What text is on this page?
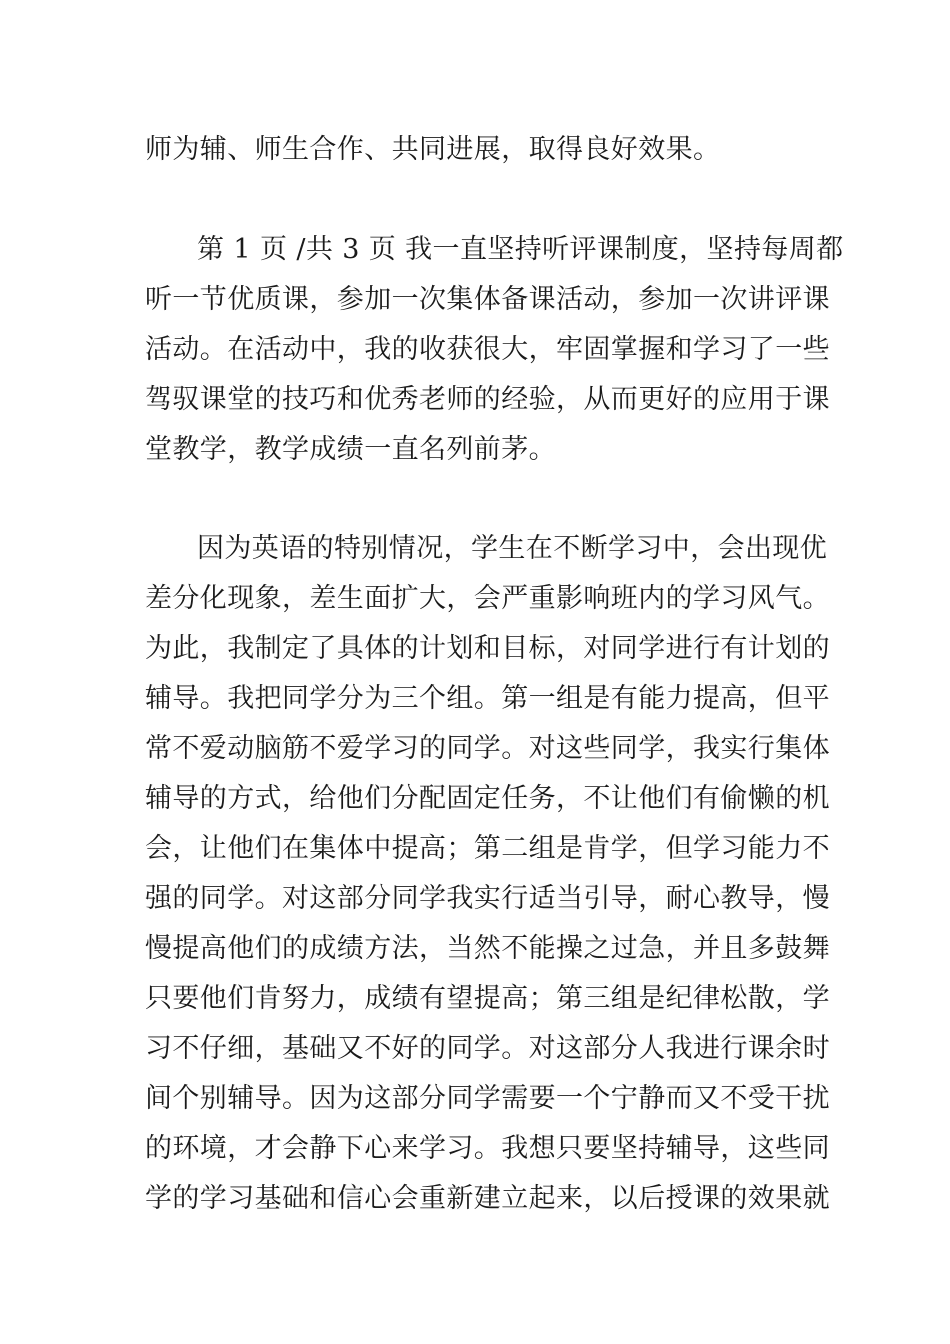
师为辅、师生合作、共同进展，取得良好效果。
第 1 页 /共 3 页 我一直坚持听评课制度，坚持每周都
听一节优质课，参加一次集体备课活动，参加一次讲评课
活动。在活动中，我的收获很大，牢固掌握和学习了一些
驾驭课堂的技巧和优秀老师的经验，从而更好的应用于课
堂教学，教学成绩一直名列前茅。
因为英语的特别情况，学生在不断学习中，会出现优
差分化现象，差生面扩大，会严重影响班内的学习风气。
为此，我制定了具体的计划和目标，对同学进行有计划的
辅导。我把同学分为三个组。第一组是有能力提高，但平
常不爱动脑筋不爱学习的同学。对这些同学，我实行集体
辅导的方式，给他们分配固定任务，不让他们有偷懒的机
会，让他们在集体中提高；第二组是肯学，但学习能力不
强的同学。对这部分同学我实行适当引导，耐心教导，慢
慢提高他们的成绩方法，当然不能操之过急，并且多鼓舞
只要他们肯努力，成绩有望提高；第三组是纪律松散，学
习不仔细，基础又不好的同学。对这部分人我进行课余时
间个别辅导。因为这部分同学需要一个宁静而又不受干扰
的环境，才会静下心来学习。我想只要坚持辅导，这些同
学的学习基础和信心会重新建立起来，以后授课的效果就
